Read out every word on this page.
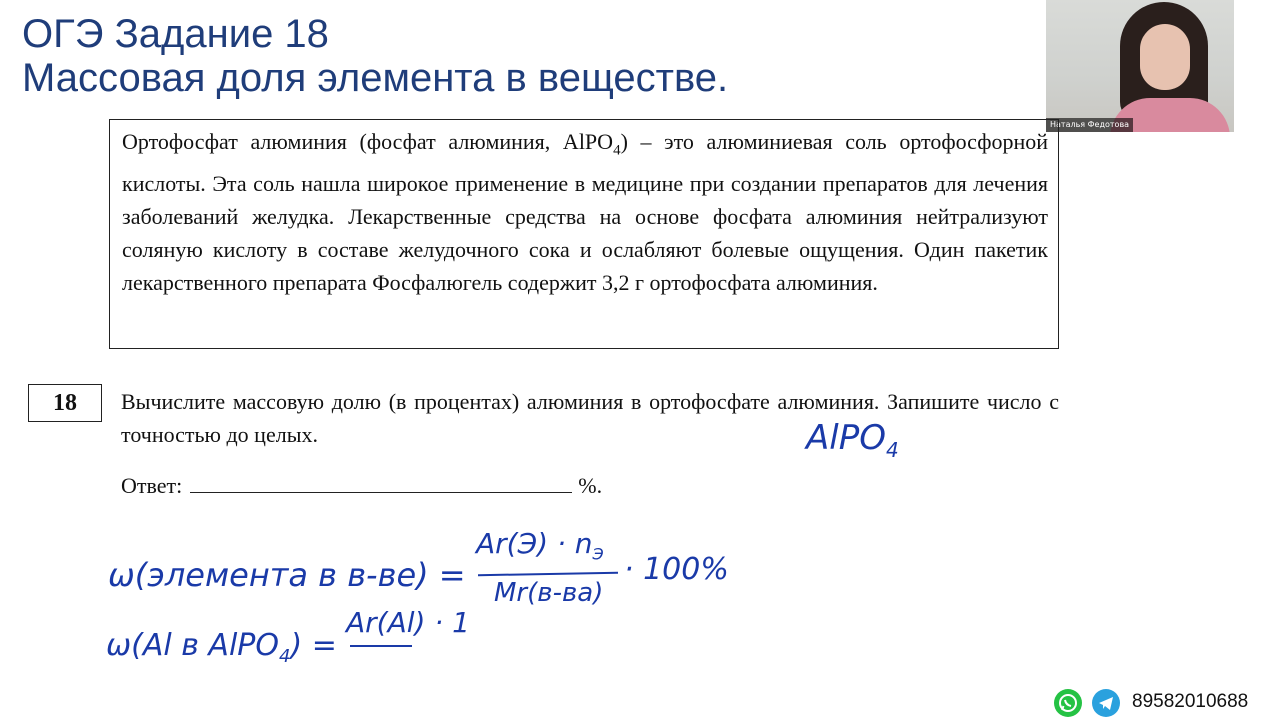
ОГЭ Задание 18
Массовая доля элемента в веществе.
Наталья Федотова
Ортофосфат алюминия (фосфат алюминия, AlPO$_4$) – это алюминиевая соль ортофосфорной кислоты. Эта соль нашла широкое применение в медицине при создании препаратов для лечения заболеваний желудка. Лекарственные средства на основе фосфата алюминия нейтрализуют соляную кислоту в составе желудочного сока и ослабляют болевые ощущения. Один пакетик лекарственного препарата Фосфалюгель содержит 3,2 г ортофосфата алюминия.
18	Вычислите массовую долю (в процентах) алюминия в ортофосфате алюминия. Запишите число с точностью до целых.
Ответ:	%.
AlPO$_4$
ω(элемента в в-ве) =
$Ar(Э) \cdot n_Э$
Mr(в-ва)
· 100%
ω(Al в AlPO$_4$) =
Ar(Al) · 1
89582010688
